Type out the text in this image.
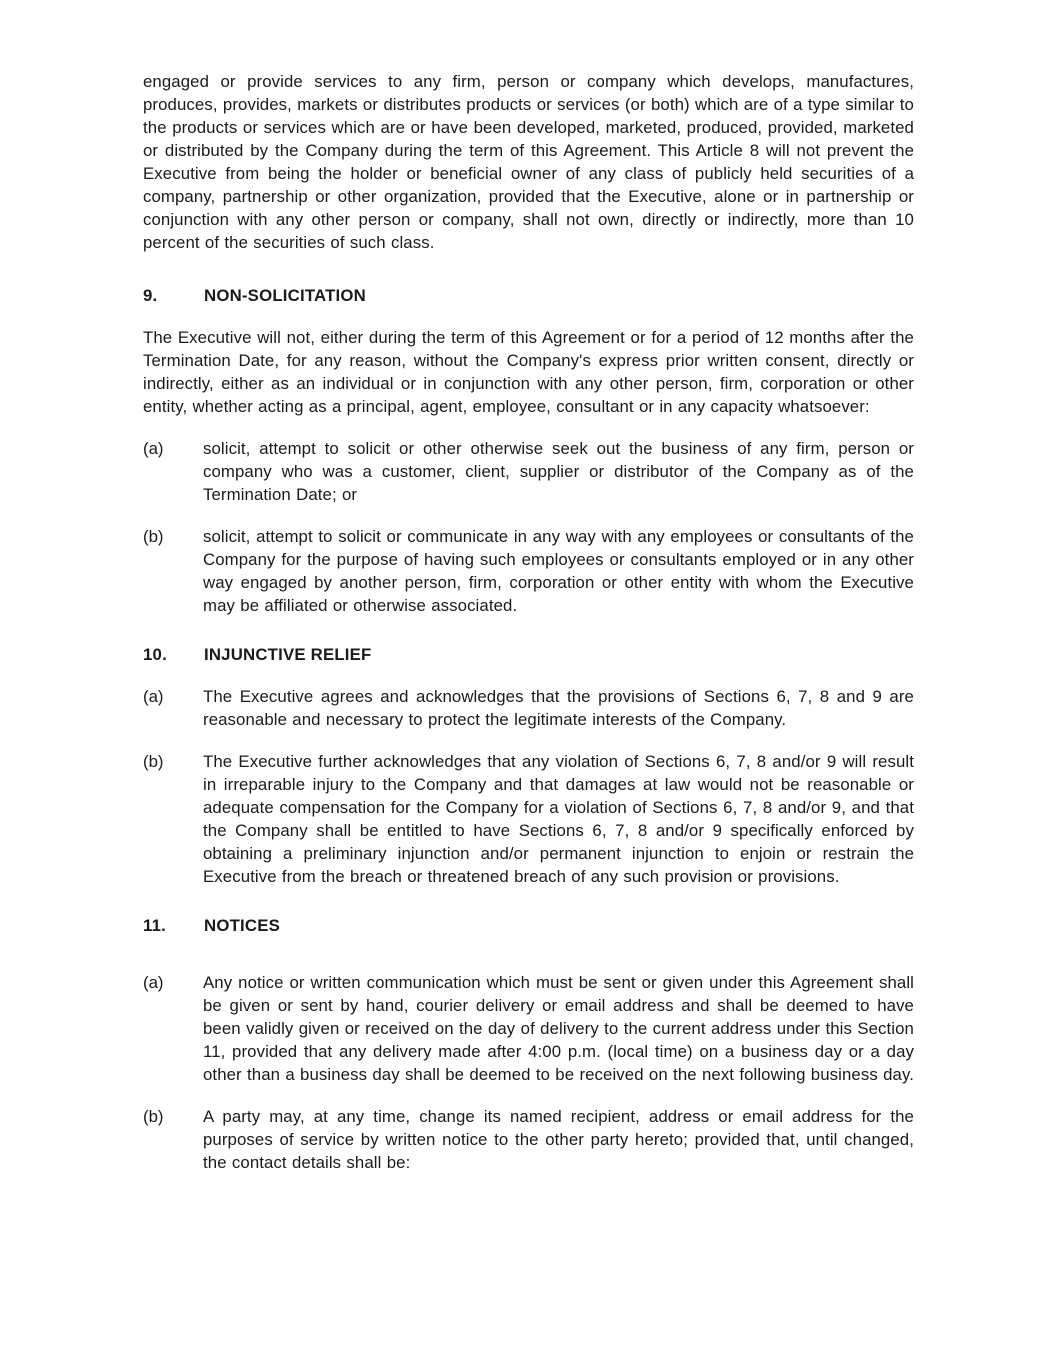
engaged or provide services to any firm, person or company which develops, manufactures, produces, provides, markets or distributes products or services (or both) which are of a type similar to the products or services which are or have been developed, marketed, produced, provided, marketed or distributed by the Company during the term of this Agreement. This Article 8 will not prevent the Executive from being the holder or beneficial owner of any class of publicly held securities of a company, partnership or other organization, provided that the Executive, alone or in partnership or conjunction with any other person or company, shall not own, directly or indirectly, more than 10 percent of the securities of such class.

9.	NON-SOLICITATION

The Executive will not, either during the term of this Agreement or for a period of 12 months after the Termination Date, for any reason, without the Company's express prior written consent, directly or indirectly, either as an individual or in conjunction with any other person, firm, corporation or other entity, whether acting as a principal, agent, employee, consultant or in any capacity whatsoever:

(a)	solicit, attempt to solicit or other otherwise seek out the business of any firm, person or company who was a customer, client, supplier or distributor of the Company as of the Termination Date; or

(b)	solicit, attempt to solicit or communicate in any way with any employees or consultants of the Company for the purpose of having such employees or consultants employed or in any other way engaged by another person, firm, corporation or other entity with whom the Executive may be affiliated or otherwise associated.

10.	INJUNCTIVE RELIEF
(a)	The Executive agrees and acknowledges that the provisions of Sections 6, 7, 8 and 9 are reasonable and necessary to protect the legitimate interests of the Company.

(b)	The Executive further acknowledges that any violation of Sections 6, 7, 8 and/or 9 will result in irreparable injury to the Company and that damages at law would not be reasonable or adequate compensation for the Company for a violation of Sections 6, 7, 8 and/or 9, and that the Company shall be entitled to have Sections 6, 7, 8 and/or 9 specifically enforced by obtaining a preliminary injunction and/or permanent injunction to enjoin or restrain the Executive from the breach or threatened breach of any such provision or provisions.

11.	NOTICES
(a)	Any notice or written communication which must be sent or given under this Agreement shall be given or sent by hand, courier delivery or email address and shall be deemed to have been validly given or received on the day of delivery to the current address under this Section 11, provided that any delivery made after 4:00 p.m. (local time) on a business day or a day other than a business day shall be deemed to be received on the next following business day.

(b)	A party may, at any time, change its named recipient, address or email address for the purposes of service by written notice to the other party hereto; provided that, until changed, the contact details shall be:
